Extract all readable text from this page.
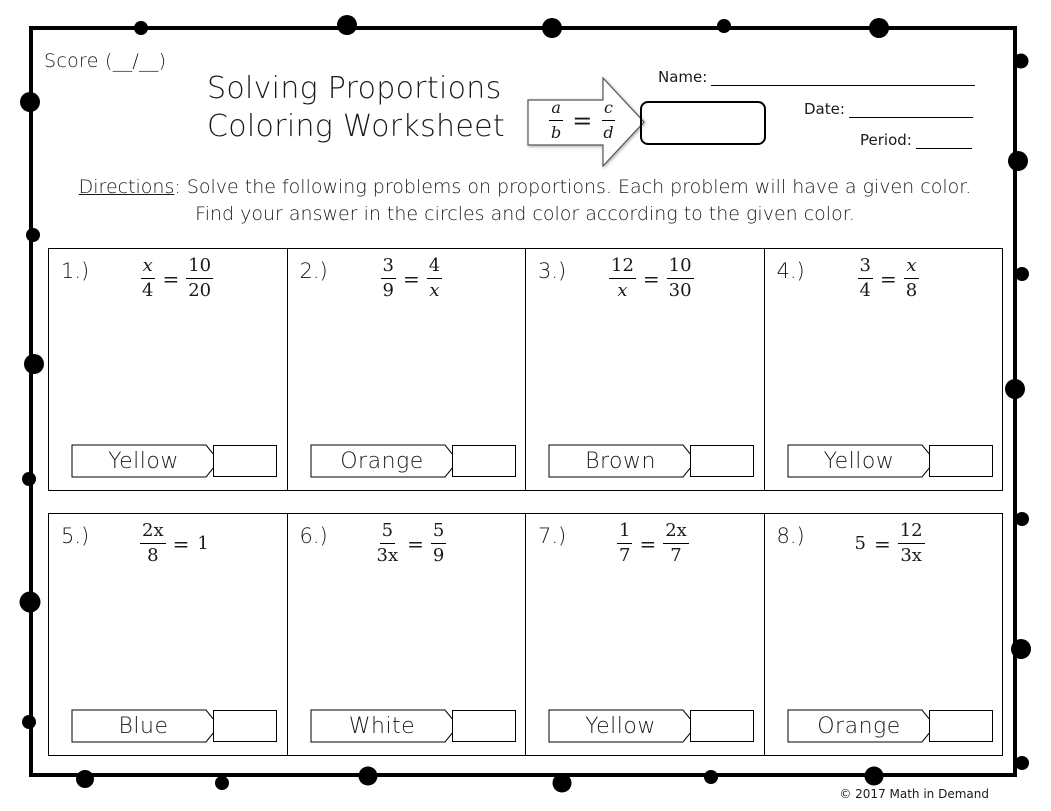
Score (__/__)
Solving Proportions
Coloring Worksheet	$\frac{a}{b} = \frac{c}{d}$
Name:
Date:
Period:
Directions: Solve the following problems on proportions. Each problem will have a given color. Find your answer in the circles and color according to the given color.
1.)	$\frac{x}{4} = \frac{10}{20}$
Yellow
2.)	$\frac{3}{9} = \frac{4}{x}$
Orange
$3.) \frac{12}{x} = \frac{10}{30}$
Brown
4.)	$\frac{3}{4} = \frac{x}{8}$
Yellow
5.)	$\frac{2x}{8} = 1$
Blue
6.)	$\frac{5}{3x} = \frac{5}{9}$
White
7.)	$\frac{1}{7} = \frac{2x}{7}$
Yellow
8.)	$5 = \frac{12}{3x}$
Orange
© 2017 Math in Demand
